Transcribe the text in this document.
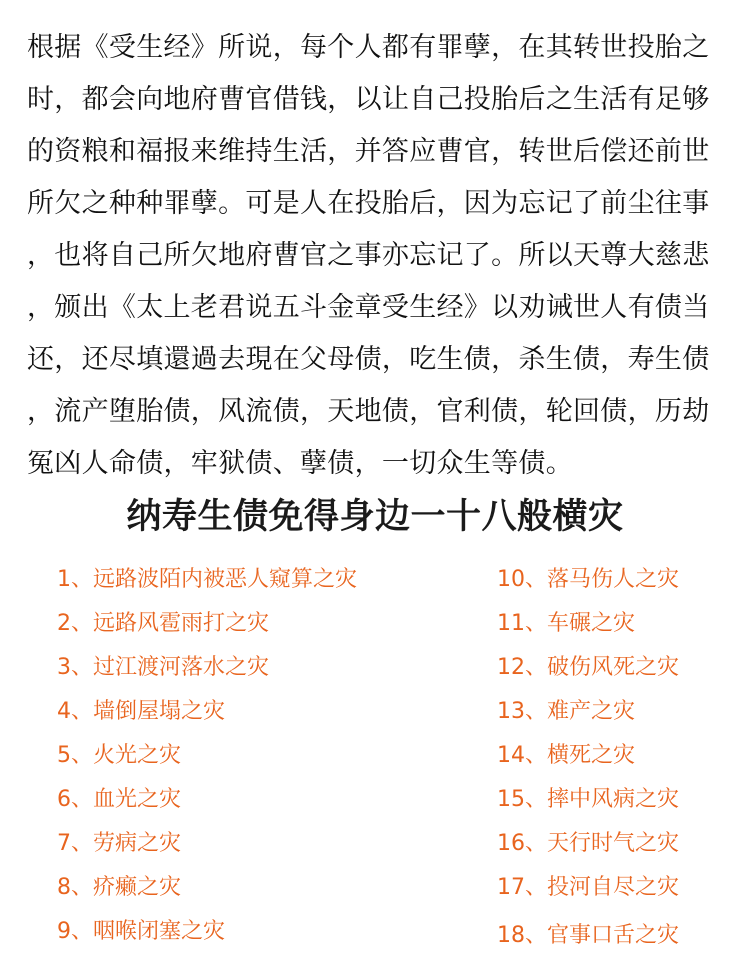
根据《受生经》所说，每个人都有罪孽，在其转世投胎之
时，都会向地府曹官借钱，以让自己投胎后之生活有足够
的资粮和福报来维持生活，并答应曹官，转世后偿还前世
所欠之种种罪孽。可是人在投胎后，因为忘记了前尘往事
，也将自己所欠地府曹官之事亦忘记了。所以天尊大慈悲
，颁出《太上老君说五斗金章受生经》以劝诫世人有债当
还，还尽填還過去現在父母债，吃生债，杀生债，寿生债
，流产堕胎债，风流债，天地债，官利债，轮回债，历劫
冤凶人命债，牢狱债、孽债，一切众生等债。
纳寿生债免得身边一十八般横灾
1、远路波陌内被恶人窥算之灾
2、远路风雹雨打之灾
3、过江渡河落水之灾
4、墙倒屋塌之灾
5、火光之灾
6、血光之灾
7、劳病之灾
8、疥癞之灾
9、咽喉闭塞之灾
10、落马伤人之灾
11、车碾之灾
12、破伤风死之灾
13、难产之灾
14、横死之灾
15、摔中风病之灾
16、天行时气之灾
17、投河自尽之灾
18、官事口舌之灾
